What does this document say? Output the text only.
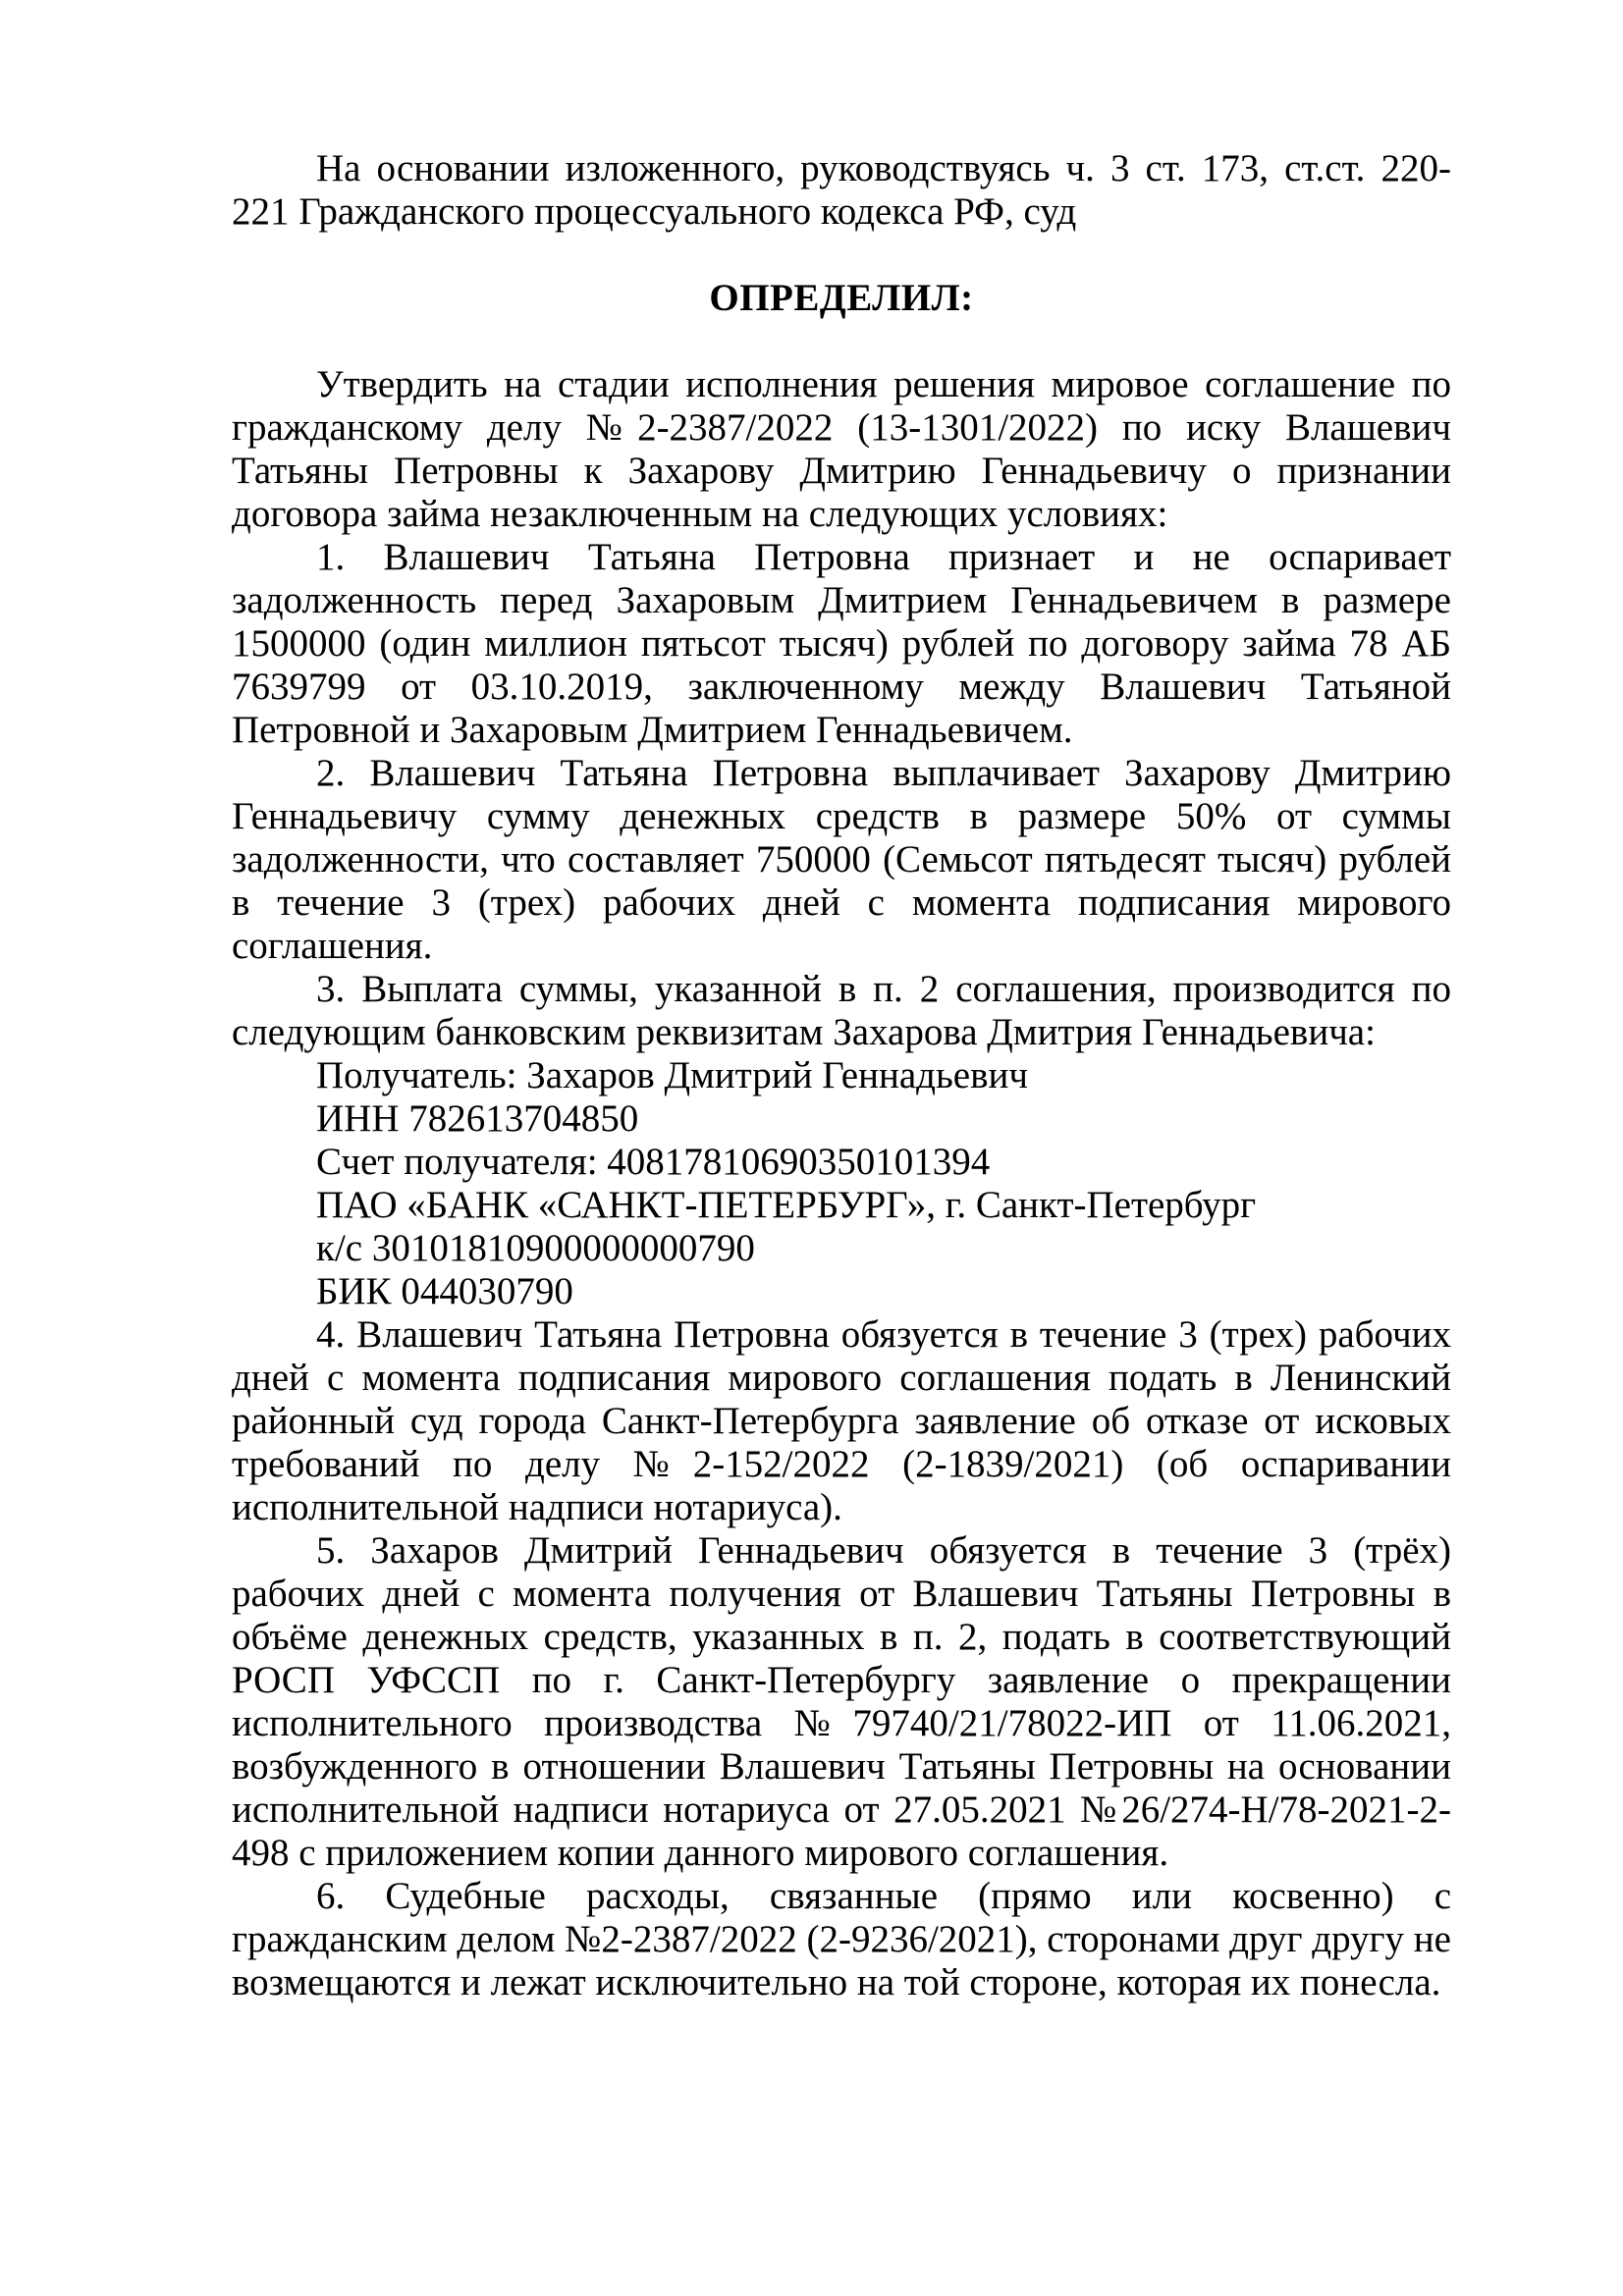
На основании изложенного, руководствуясь ч. 3 ст. 173, ст.ст. 220-221 Гражданского процессуального кодекса РФ, суд

ОПРЕДЕЛИЛ:

Утвердить на стадии исполнения решения мировое соглашение по гражданскому делу №2-2387/2022 (13-1301/2022) по иску Влашевич Татьяны Петровны к Захарову Дмитрию Геннадьевичу о признании договора займа незаключенным на следующих условиях:

1. Влашевич Татьяна Петровна признает и не оспаривает задолженность перед Захаровым Дмитрием Геннадьевичем в размере 1500000 (один миллион пятьсот тысяч) рублей по договору займа 78 АБ 7639799 от 03.10.2019, заключенному между Влашевич Татьяной Петровной и Захаровым Дмитрием Геннадьевичем.

2. Влашевич Татьяна Петровна выплачивает Захарову Дмитрию Геннадьевичу сумму денежных средств в размере 50% от суммы задолженности, что составляет 750000 (Семьсот пятьдесят тысяч) рублей в течение 3 (трех) рабочих дней с момента подписания мирового соглашения.

3. Выплата суммы, указанной в п. 2 соглашения, производится по следующим банковским реквизитам Захарова Дмитрия Геннадьевича:

Получатель: Захаров Дмитрий Геннадьевич

ИНН 782613704850

Счет получателя: 40817810690350101394

ПАО «БАНК «САНКТ-ПЕТЕРБУРГ», г. Санкт-Петербург

к/с 30101810900000000790

БИК 044030790

4. Влашевич Татьяна Петровна обязуется в течение 3 (трех) рабочих дней с момента подписания мирового соглашения подать в Ленинский районный суд города Санкт-Петербурга заявление об отказе от исковых требований по делу №2-152/2022 (2-1839/2021) (об оспаривании исполнительной надписи нотариуса).

5. Захаров Дмитрий Геннадьевич обязуется в течение 3 (трёх) рабочих дней с момента получения от Влашевич Татьяны Петровны в объёме денежных средств, указанных в п. 2, подать в соответствующий РОСП УФССП по г. Санкт-Петербургу заявление о прекращении исполнительного производства №79740/21/78022-ИП от 11.06.2021, возбужденного в отношении Влашевич Татьяны Петровны на основании исполнительной надписи нотариуса от 27.05.2021 №26/274-Н/78-2021-2-498 с приложением копии данного мирового соглашения.

6. Судебные расходы, связанные (прямо или косвенно) с гражданским делом №2-2387/2022 (2-9236/2021), сторонами друг другу не возмещаются и лежат исключительно на той стороне, которая их понесла.
